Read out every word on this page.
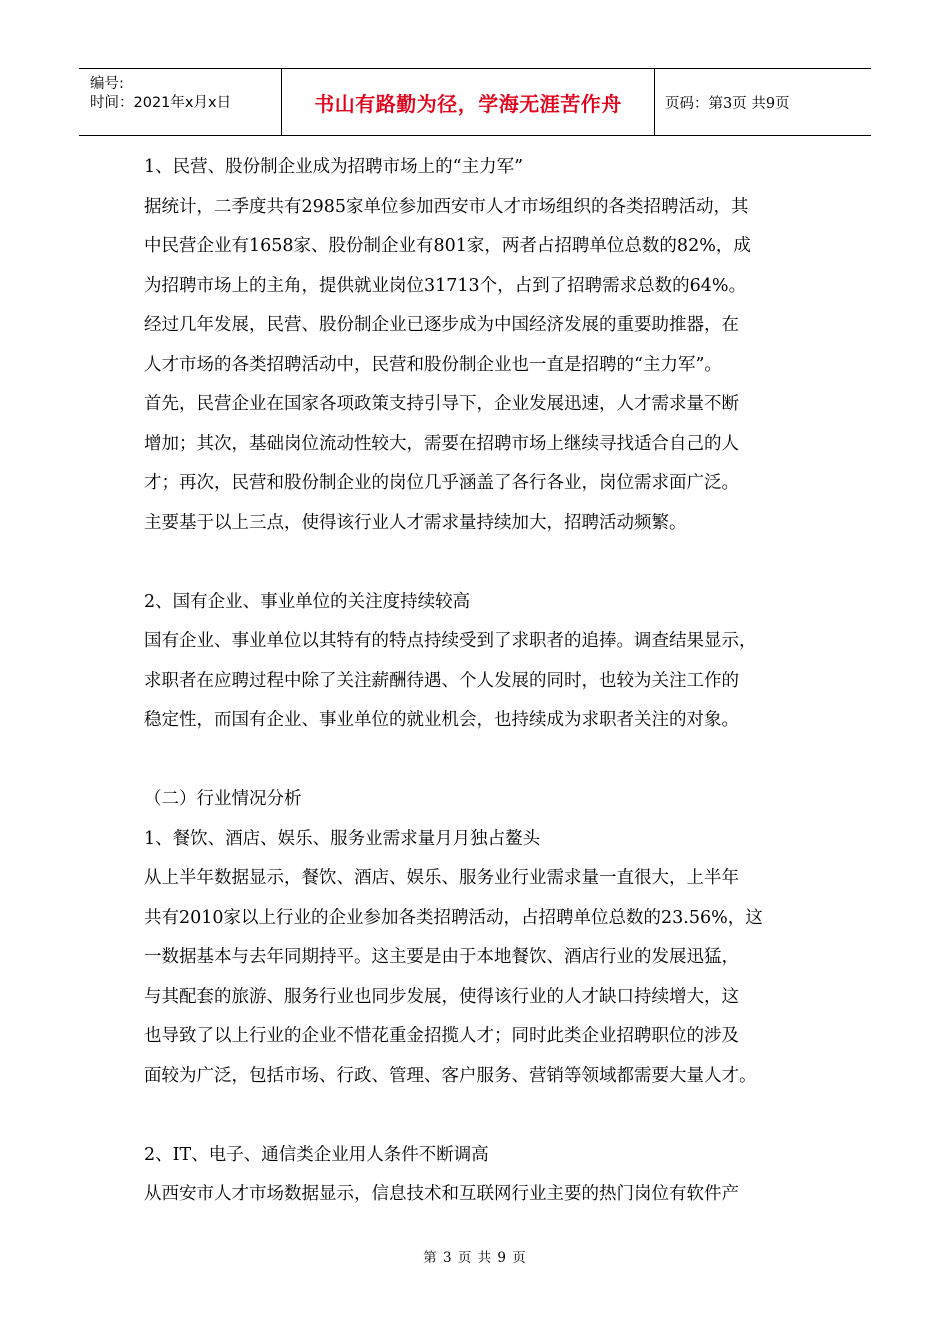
编号:
时间：2021年x月x日	书山有路勤为径，学海无涯苦作舟	页码：第3页 共9页
1、民营、股份制企业成为招聘市场上的“主力军”
据统计，二季度共有2985家单位参加西安市人才市场组织的各类招聘活动，其
中民营企业有1658家、股份制企业有801家，两者占招聘单位总数的82%，成
为招聘市场上的主角，提供就业岗位31713个，占到了招聘需求总数的64%。
经过几年发展，民营、股份制企业已逐步成为中国经济发展的重要助推器，在
人才市场的各类招聘活动中，民营和股份制企业也一直是招聘的“主力军”。
首先，民营企业在国家各项政策支持引导下，企业发展迅速，人才需求量不断
增加；其次，基础岗位流动性较大，需要在招聘市场上继续寻找适合自己的人
才；再次，民营和股份制企业的岗位几乎涵盖了各行各业，岗位需求面广泛。
主要基于以上三点，使得该行业人才需求量持续加大，招聘活动频繁。
2、国有企业、事业单位的关注度持续较高
国有企业、事业单位以其特有的特点持续受到了求职者的追捧。调查结果显示，
求职者在应聘过程中除了关注薪酬待遇、个人发展的同时，也较为关注工作的
稳定性，而国有企业、事业单位的就业机会，也持续成为求职者关注的对象。
（二）行业情况分析
1、餐饮、酒店、娱乐、服务业需求量月月独占鳌头
从上半年数据显示，餐饮、酒店、娱乐、服务业行业需求量一直很大，上半年
共有2010家以上行业的企业参加各类招聘活动，占招聘单位总数的23.56%，这
一数据基本与去年同期持平。这主要是由于本地餐饮、酒店行业的发展迅猛，
与其配套的旅游、服务行业也同步发展，使得该行业的人才缺口持续增大，这
也导致了以上行业的企业不惜花重金招揽人才；同时此类企业招聘职位的涉及
面较为广泛，包括市场、行政、管理、客户服务、营销等领域都需要大量人才。
2、IT、电子、通信类企业用人条件不断调高
从西安市人才市场数据显示，信息技术和互联网行业主要的热门岗位有软件产
第 3 页 共 9 页
